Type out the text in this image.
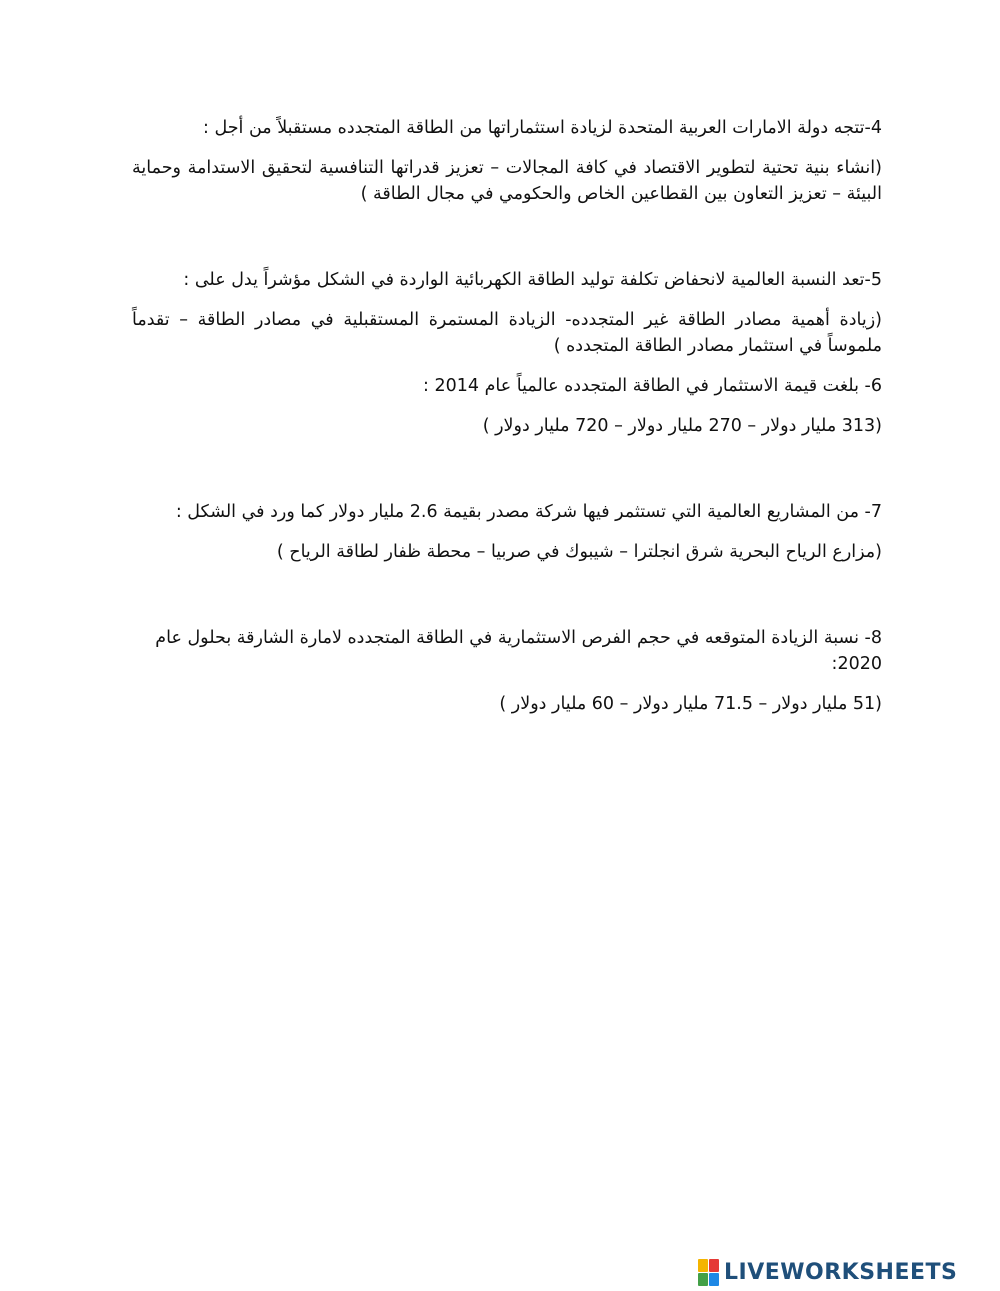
4-تتجه دولة الامارات العربية المتحدة لزيادة استثماراتها من الطاقة المتجدده مستقبلاً من أجل :

(انشاء بنية تحتية لتطوير الاقتصاد في كافة المجالات – تعزيز قدراتها التنافسية لتحقيق الاستدامة وحماية البيئة – تعزيز التعاون بين القطاعين الخاص والحكومي في مجال الطاقة )

5-تعد النسبة العالمية لانحفاض تكلفة توليد الطاقة الكهربائية الواردة في الشكل مؤشراً يدل على :

(زيادة أهمية مصادر الطاقة غير المتجدده- الزيادة المستمرة المستقبلية في مصادر الطاقة – تقدماً ملموساً في استثمار مصادر الطاقة المتجدده )

6- بلغت قيمة الاستثمار في الطاقة المتجدده عالمياً عام 2014 :

(313 مليار دولار – 270 مليار دولار – 720 مليار دولار )

7- من المشاريع العالمية التي تستثمر فيها شركة مصدر بقيمة 2.6 مليار دولار كما ورد في الشكل :

(مزارع الرياح البحرية شرق انجلترا – شيبوك في صربيا – محطة ظفار لطاقة الرياح )

8- نسبة الزيادة المتوقعه في حجم الفرص الاستثمارية في الطاقة المتجدده لامارة الشارقة بحلول عام 2020:

(51 مليار دولار – 71.5 مليار دولار – 60 مليار دولار )

LIVEWORKSHEETS
